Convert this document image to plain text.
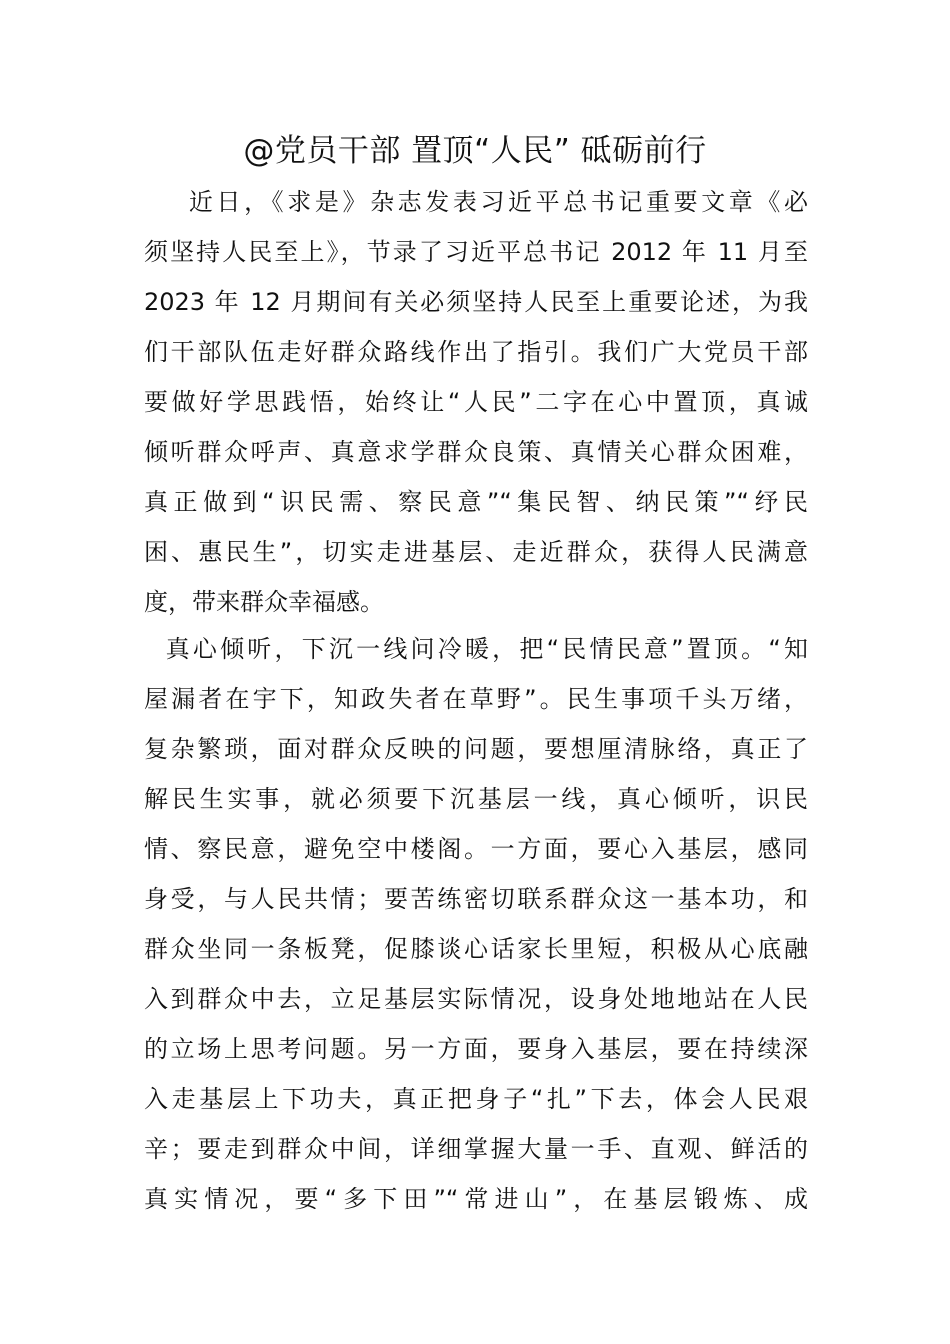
@党员干部 置顶“人民” 砥砺前行
近日，《求是》杂志发表习近平总书记重要文章《必
须坚持人民至上》，节录了习近平总书记 2012 年 11 月至
2023 年 12 月期间有关必须坚持人民至上重要论述，为我
们干部队伍走好群众路线作出了指引。我们广大党员干部
要做好学思践悟，始终让“人民”二字在心中置顶，真诚
倾听群众呼声、真意求学群众良策、真情关心群众困难，
真正做到“识民需、察民意”“集民智、纳民策”“纾民
困、惠民生”，切实走进基层、走近群众，获得人民满意
度，带来群众幸福感。
真心倾听，下沉一线问冷暖，把“民情民意”置顶。“知
屋漏者在宇下，知政失者在草野”。民生事项千头万绪，
复杂繁琐，面对群众反映的问题，要想厘清脉络，真正了
解民生实事，就必须要下沉基层一线，真心倾听，识民
情、察民意，避免空中楼阁。一方面，要心入基层，感同
身受，与人民共情；要苦练密切联系群众这一基本功，和
群众坐同一条板凳，促膝谈心话家长里短，积极从心底融
入到群众中去，立足基层实际情况，设身处地地站在人民
的立场上思考问题。另一方面，要身入基层，要在持续深
入走基层上下功夫，真正把身子“扎”下去，体会人民艰
辛；要走到群众中间，详细掌握大量一手、直观、鲜活的
真实情况，要“多下田”“常进山”，在基层锻炼、成
